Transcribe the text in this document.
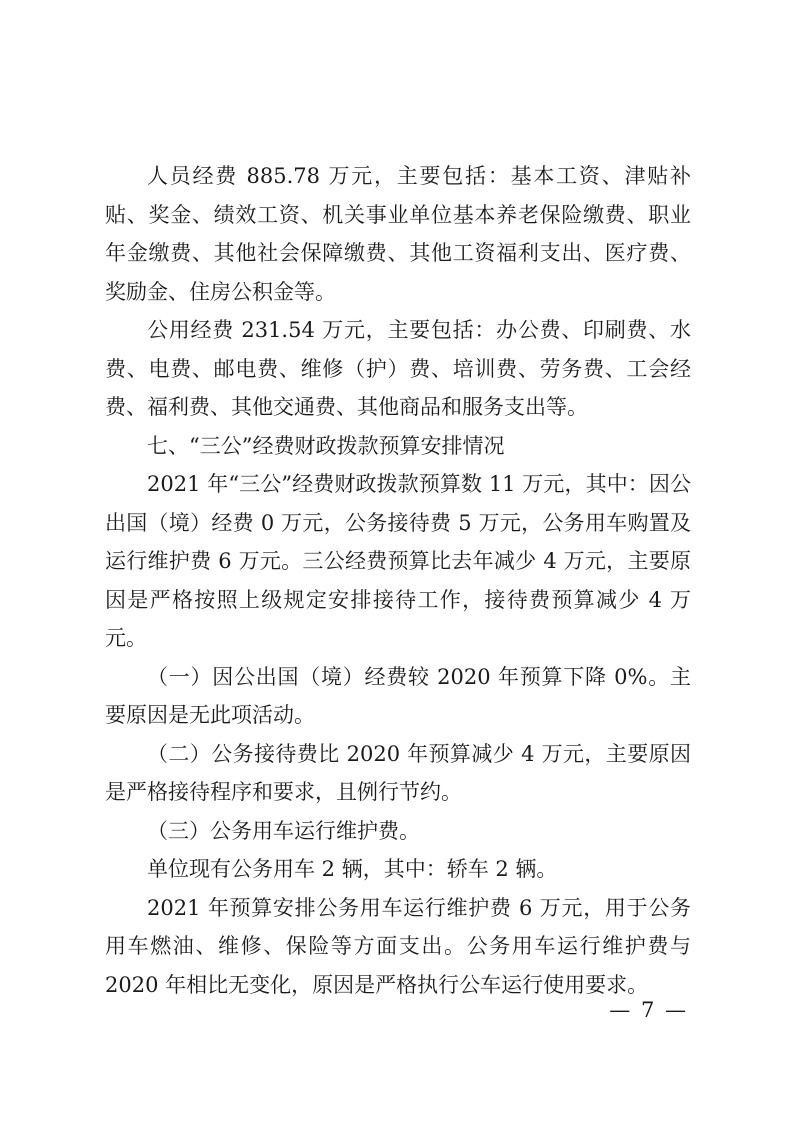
人员经费 885.78 万元，主要包括：基本工资、津贴补贴、奖金、绩效工资、机关事业单位基本养老保险缴费、职业年金缴费、其他社会保障缴费、其他工资福利支出、医疗费、奖励金、住房公积金等。

公用经费 231.54 万元，主要包括：办公费、印刷费、水费、电费、邮电费、维修（护）费、培训费、劳务费、工会经费、福利费、其他交通费、其他商品和服务支出等。

七、“三公”经费财政拨款预算安排情况

2021 年“三公”经费财政拨款预算数 11 万元，其中：因公出国（境）经费 0 万元，公务接待费 5 万元，公务用车购置及运行维护费 6 万元。三公经费预算比去年减少 4 万元，主要原因是严格按照上级规定安排接待工作，接待费预算减少 4 万元。

（一）因公出国（境）经费较 2020 年预算下降 0%。主要原因是无此项活动。

（二）公务接待费比 2020 年预算减少 4 万元，主要原因是严格接待程序和要求，且例行节约。

（三）公务用车运行维护费。

单位现有公务用车 2 辆，其中：轿车 2 辆。

2021 年预算安排公务用车运行维护费 6 万元，用于公务用车燃油、维修、保险等方面支出。公务用车运行维护费与 2020 年相比无变化，原因是严格执行公车运行使用要求。

— 7 —
